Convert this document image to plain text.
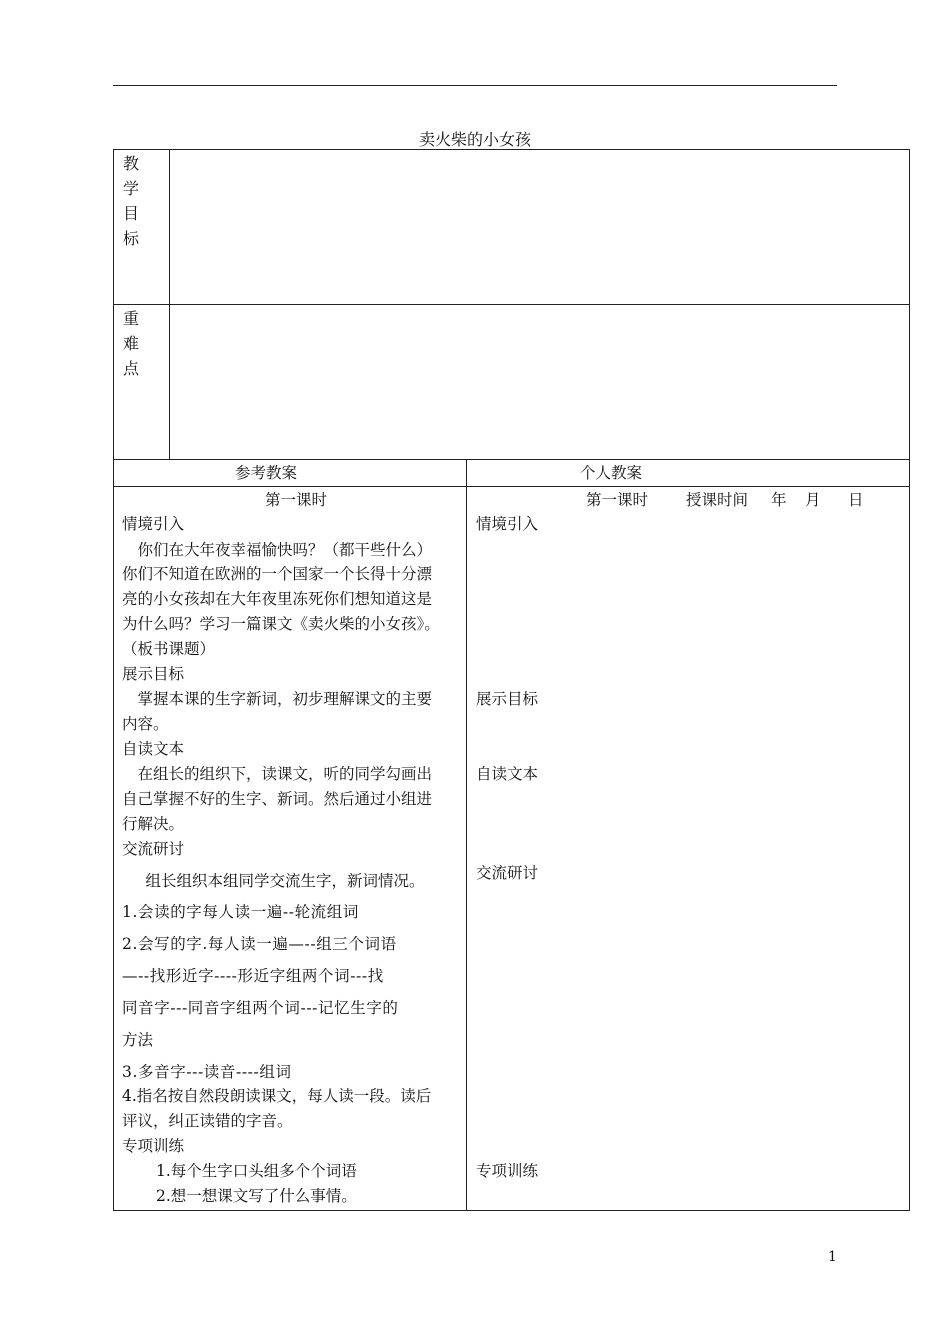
卖火柴的小女孩
教
学
目
标
重
难
点
参考教案	个人教案
第一课时
情境引入
　你们在大年夜幸福愉快吗？（都干些什么）
你们不知道在欧洲的一个国家一个长得十分漂
亮的小女孩却在大年夜里冻死你们想知道这是
为什么吗？学习一篇课文《卖火柴的小女孩》。
（板书课题）
展示目标
　掌握本课的生字新词，初步理解课文的主要
内容。
自读文本
　在组长的组织下，读课文，听的同学勾画出
自己掌握不好的生字、新词。然后通过小组进
行解决。
交流研讨
　组长组织本组同学交流生字，新词情况。
1.会读的字每人读一遍--轮流组词
2.会写的字.每人读一遍—--组三个词语
—--找形近字----形近字组两个词---找
同音字---同音字组两个词---记忆生字的
方法
3.多音字---读音----组词
4.指名按自然段朗读课文，每人读一段。读后
评议，纠正读错的字音。
专项训练
1.每个生字口头组多个个词语
2.想一想课文写了什么事情。
第一课时 授课时间 年 月 日
情境引入
展示目标
自读文本
交流研讨
专项训练
1
